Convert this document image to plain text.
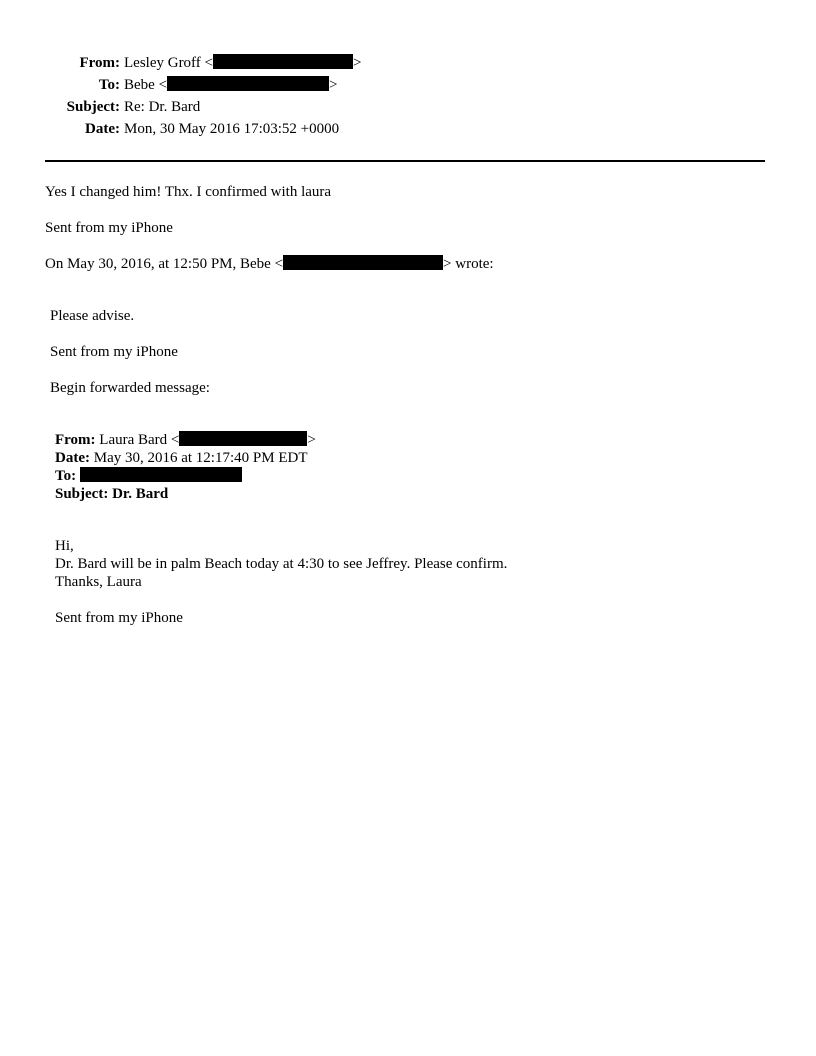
From: Lesley Groff <	>
To: Bebe <	>
Subject: Re: Dr. Bard
Date: Mon, 30 May 2016 17:03:52 +0000
Yes I changed him! Thx. I confirmed with laura
Sent from my iPhone
On May 30, 2016, at 12:50 PM, Bebe <	> wrote:
Please advise.
Sent from my iPhone
Begin forwarded message:
From: Laura Bard <	>
Date: May 30, 2016 at 12:17:40 PM EDT
To:
Subject: Dr. Bard
Hi,
Dr. Bard will be in palm Beach today at 4:30 to see Jeffrey. Please confirm.
Thanks, Laura
Sent from my iPhone
